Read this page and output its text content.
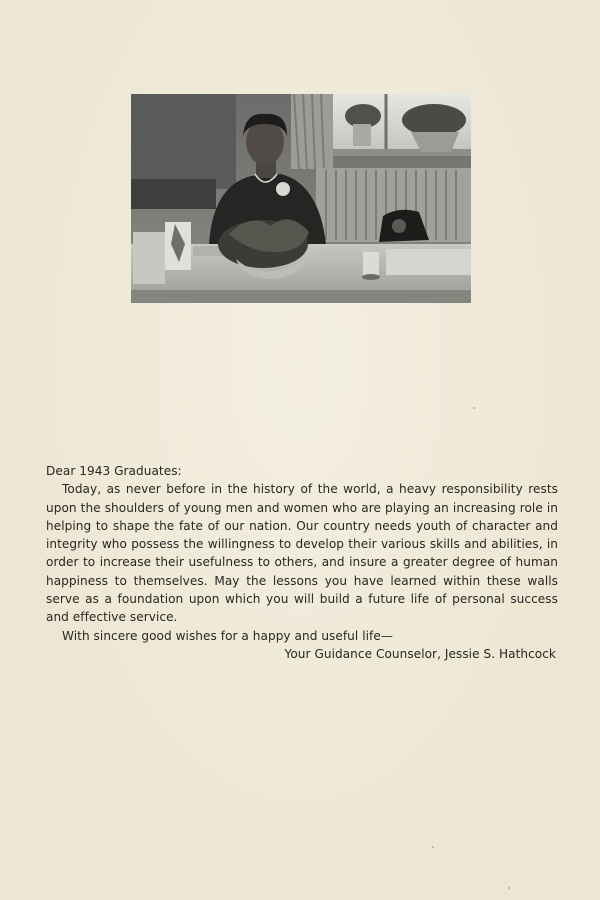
Dear 1943 Graduates:

Today, as never before in the history of the world, a heavy responsibility rests upon the shoulders of young men and women who are playing an increasing role in helping to shape the fate of our nation. Our country needs youth of character and integrity who possess the willingness to develop their various skills and abilities, in order to increase their usefulness to others, and insure a greater degree of human happiness to themselves. May the lessons you have learned within these walls serve as a foundation upon which you will build a future life of personal success and effective service.

With sincere good wishes for a happy and useful life—

Your Guidance Counselor, Jessie S. Hathcock
